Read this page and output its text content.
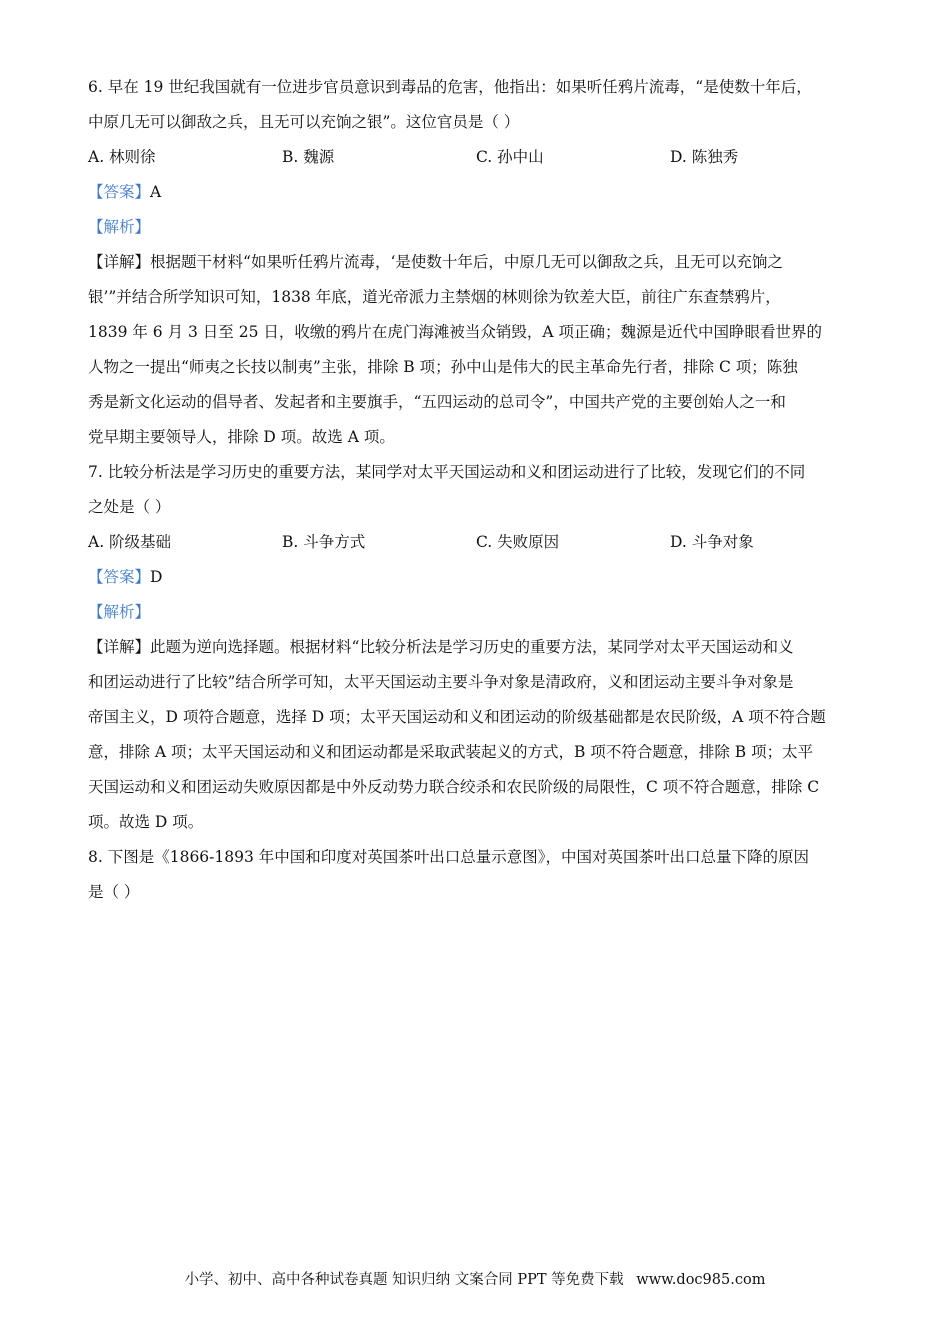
6. 早在 19 世纪我国就有一位进步官员意识到毒品的危害，他指出：如果听任鸦片流毒，“是使数十年后，
中原几无可以御敌之兵，且无可以充饷之银”。这位官员是（ ）
A. 林则徐	B. 魏源	C. 孙中山	D. 陈独秀
【答案】A
【解析】
【详解】根据题干材料“如果听任鸦片流毒，‘是使数十年后，中原几无可以御敌之兵，且无可以充饷之
银’”并结合所学知识可知，1838 年底，道光帝派力主禁烟的林则徐为钦差大臣，前往广东查禁鸦片，
1839 年 6 月 3 日至 25 日，收缴的鸦片在虎门海滩被当众销毁，A 项正确；魏源是近代中国睁眼看世界的
人物之一提出“师夷之长技以制夷”主张，排除 B 项；孙中山是伟大的民主革命先行者，排除 C 项；陈独
秀是新文化运动的倡导者、发起者和主要旗手，“五四运动的总司令”，中国共产党的主要创始人之一和
党早期主要领导人，排除 D 项。故选 A 项。
7. 比较分析法是学习历史的重要方法，某同学对太平天国运动和义和团运动进行了比较，发现它们的不同
之处是（ ）
A. 阶级基础	B. 斗争方式	C. 失败原因	D. 斗争对象
【答案】D
【解析】
【详解】此题为逆向选择题。根据材料“比较分析法是学习历史的重要方法，某同学对太平天国运动和义
和团运动进行了比较”结合所学可知，太平天国运动主要斗争对象是清政府，义和团运动主要斗争对象是
帝国主义，D 项符合题意，选择 D 项；太平天国运动和义和团运动的阶级基础都是农民阶级，A 项不符合题
意，排除 A 项；太平天国运动和义和团运动都是采取武装起义的方式，B 项不符合题意，排除 B 项；太平
天国运动和义和团运动失败原因都是中外反动势力联合绞杀和农民阶级的局限性，C 项不符合题意，排除 C
项。故选 D 项。
8. 下图是《1866-1893 年中国和印度对英国茶叶出口总量示意图》，中国对英国茶叶出口总量下降的原因
是（ ）
小学、初中、高中各种试卷真题 知识归纳 文案合同 PPT 等免费下载 www.doc985.com
